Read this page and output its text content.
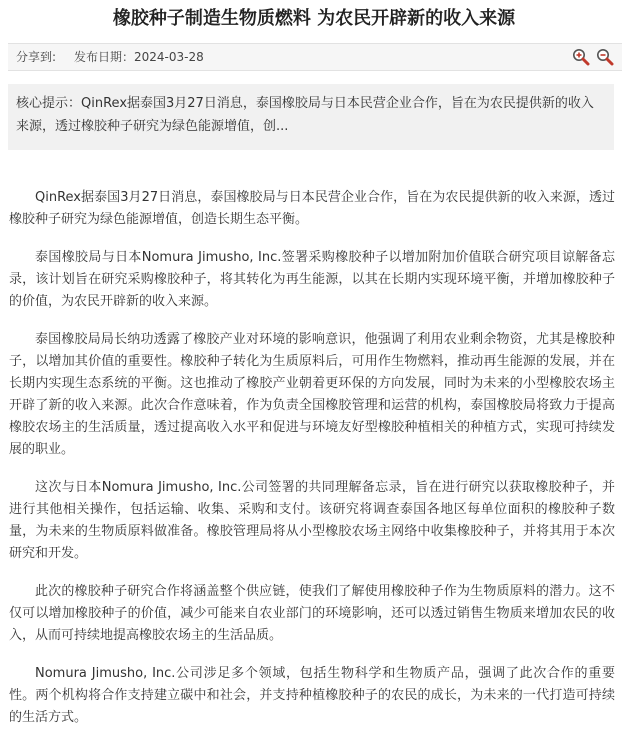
橡胶种子制造生物质燃料 为农民开辟新的收入来源
分享到: 发布日期：2024-03-28
核心提示：QinRex据泰国3月27日消息，泰国橡胶局与日本民营企业合作，旨在为农民提供新的收入来源，透过橡胶种子研究为绿色能源增值，创...

QinRex据泰国3月27日消息，泰国橡胶局与日本民营企业合作，旨在为农民提供新的收入来源，透过橡胶种子研究为绿色能源增值，创造长期生态平衡。

泰国橡胶局与日本Nomura Jimusho, Inc.签署采购橡胶种子以增加附加价值联合研究项目谅解备忘录，该计划旨在研究采购橡胶种子，将其转化为再生能源，以其在长期内实现环境平衡，并增加橡胶种子的价值，为农民开辟新的收入来源。

泰国橡胶局局长纳功透露了橡胶产业对环境的影响意识，他强调了利用农业剩余物资，尤其是橡胶种子，以增加其价值的重要性。橡胶种子转化为生质原料后，可用作生物燃料，推动再生能源的发展，并在长期内实现生态系统的平衡。这也推动了橡胶产业朝着更环保的方向发展，同时为未来的小型橡胶农场主开辟了新的收入来源。此次合作意味着，作为负责全国橡胶管理和运营的机构，泰国橡胶局将致力于提高橡胶农场主的生活质量，透过提高收入水平和促进与环境友好型橡胶种植相关的种植方式，实现可持续发展的职业。

这次与日本Nomura Jimusho, Inc.公司签署的共同理解备忘录，旨在进行研究以获取橡胶种子，并进行其他相关操作，包括运输、收集、采购和支付。该研究将调查泰国各地区每单位面积的橡胶种子数量，为未来的生物质原料做准备。橡胶管理局将从小型橡胶农场主网络中收集橡胶种子，并将其用于本次研究和开发。

此次的橡胶种子研究合作将涵盖整个供应链，使我们了解使用橡胶种子作为生物质原料的潜力。这不仅可以增加橡胶种子的价值，减少可能来自农业部门的环境影响，还可以透过销售生物质来增加农民的收入，从而可持续地提高橡胶农场主的生活品质。

Nomura Jimusho, Inc.公司涉足多个领域，包括生物科学和生物质产品，强调了此次合作的重要性。两个机构将合作支持建立碳中和社会，并支持种植橡胶种子的农民的成长，为未来的一代打造可持续的生活方式。
